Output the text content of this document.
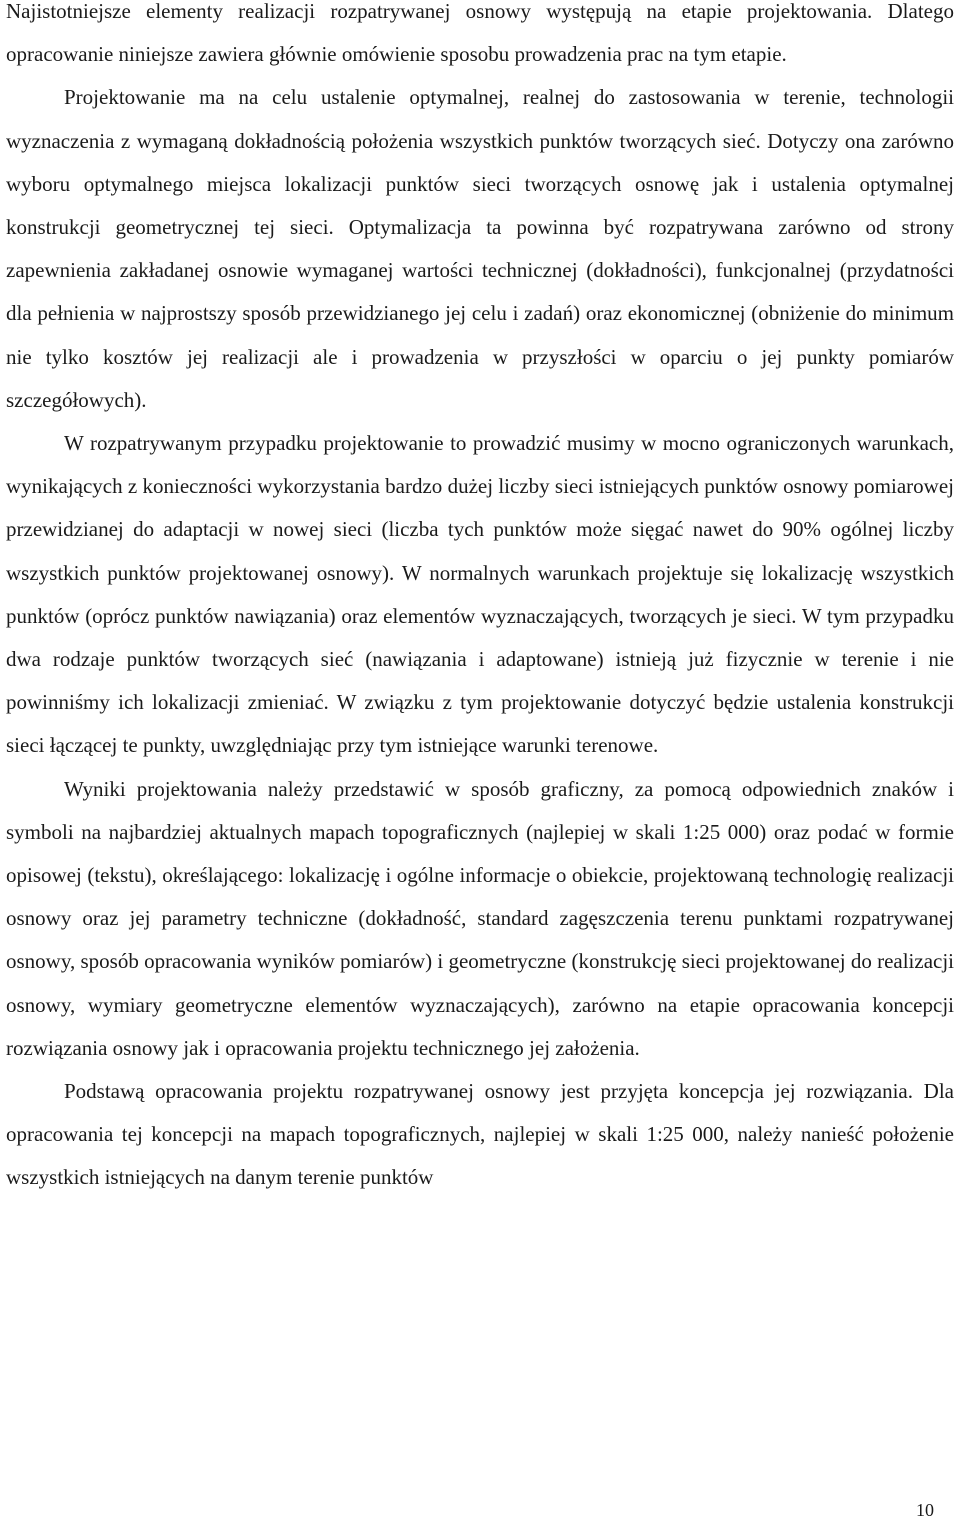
Najistotniejsze elementy realizacji rozpatrywanej osnowy występują na etapie projektowania. Dlatego opracowanie niniejsze zawiera głównie omówienie sposobu prowadzenia prac na tym etapie.

Projektowanie ma na celu ustalenie optymalnej, realnej do zastosowania w terenie, technologii wyznaczenia z wymaganą dokładnością położenia wszystkich punktów tworzących sieć. Dotyczy ona zarówno wyboru optymalnego miejsca lokalizacji punktów sieci tworzących osnowę jak i ustalenia optymalnej konstrukcji geometrycznej tej sieci. Optymalizacja ta powinna być rozpatrywana zarówno od strony zapewnienia zakładanej osnowie wymaganej wartości technicznej (dokładności), funkcjonalnej (przydatności dla pełnienia w najprostszy sposób przewidzianego jej celu i zadań) oraz ekonomicznej (obniżenie do minimum nie tylko kosztów jej realizacji ale i prowadzenia w przyszłości w oparciu o jej punkty pomiarów szczegółowych).

W rozpatrywanym przypadku projektowanie to prowadzić musimy w mocno ograniczonych warunkach, wynikających z konieczności wykorzystania bardzo dużej liczby sieci istniejących punktów osnowy pomiarowej przewidzianej do adaptacji w nowej sieci (liczba tych punktów może sięgać nawet do 90% ogólnej liczby wszystkich punktów projektowanej osnowy). W normalnych warunkach projektuje się lokalizację wszystkich punktów (oprócz punktów nawiązania) oraz elementów wyznaczających, tworzących je sieci. W tym przypadku dwa rodzaje punktów tworzących sieć (nawiązania i adaptowane) istnieją już fizycznie w terenie i nie powinniśmy ich lokalizacji zmieniać. W związku z tym projektowanie dotyczyć będzie ustalenia konstrukcji sieci łączącej te punkty, uwzględniając przy tym istniejące warunki terenowe.

Wyniki projektowania należy przedstawić w sposób graficzny, za pomocą odpowiednich znaków i symboli na najbardziej aktualnych mapach topograficznych (najlepiej w skali 1:25 000) oraz podać w formie opisowej (tekstu), określającego: lokalizację i ogólne informacje o obiekcie, projektowaną technologię realizacji osnowy oraz jej parametry techniczne (dokładność, standard zagęszczenia terenu punktami rozpatrywanej osnowy, sposób opracowania wyników pomiarów) i geometryczne (konstrukcję sieci projektowanej do realizacji osnowy, wymiary geometryczne elementów wyznaczających), zarówno na etapie opracowania koncepcji rozwiązania osnowy jak i opracowania projektu technicznego jej założenia.

Podstawą opracowania projektu rozpatrywanej osnowy jest przyjęta koncepcja jej rozwiązania. Dla opracowania tej koncepcji na mapach topograficznych, najlepiej w skali 1:25 000, należy nanieść położenie wszystkich istniejących na danym terenie punktów

10
